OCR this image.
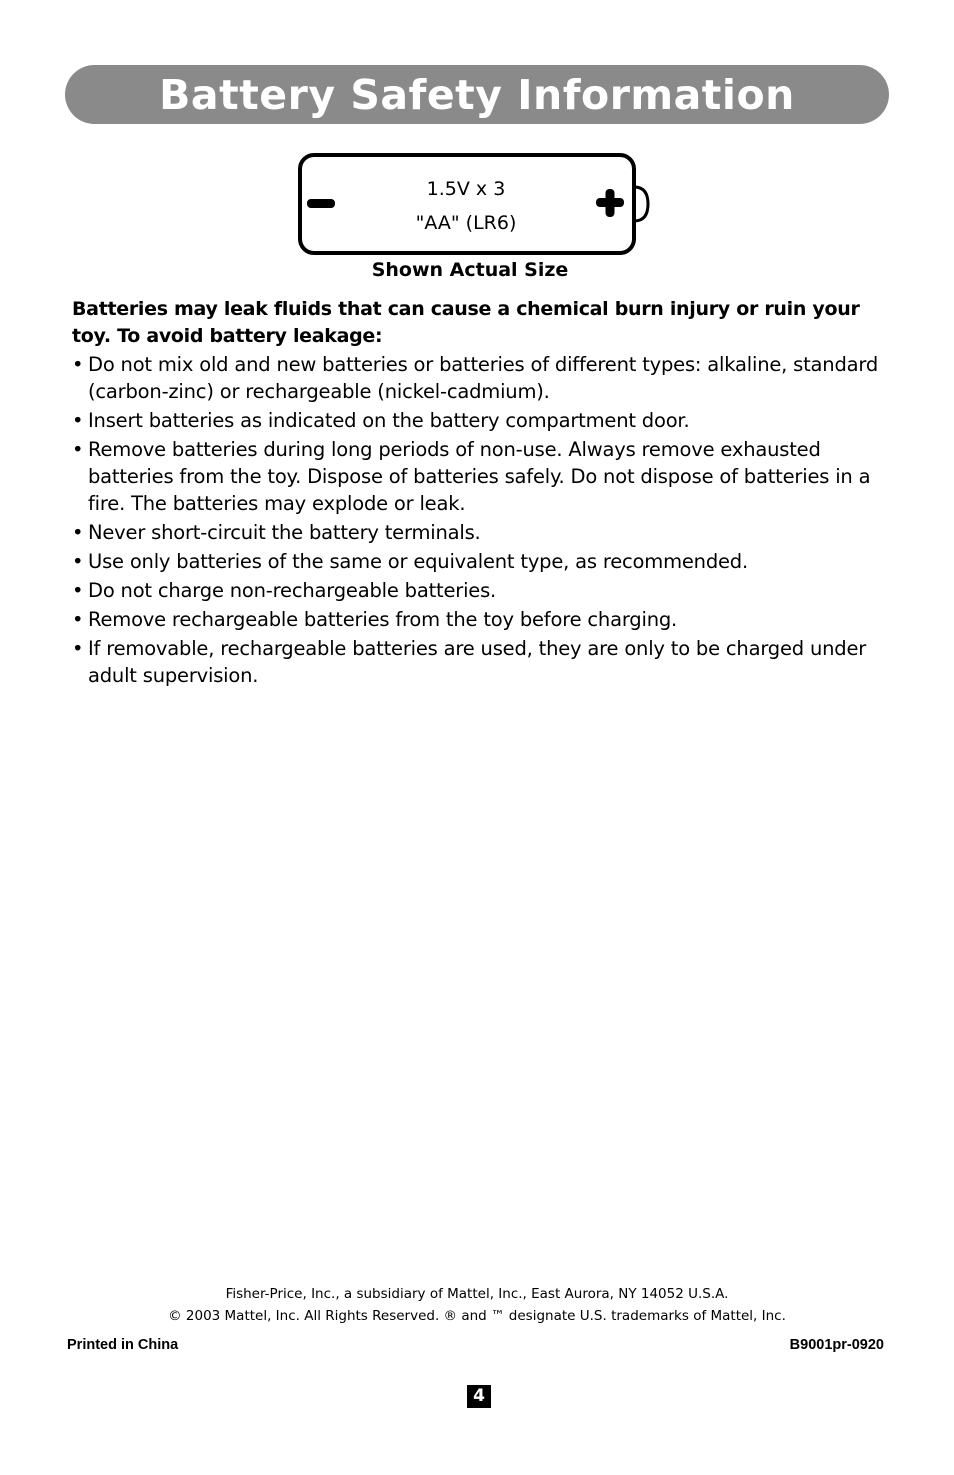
Battery Safety Information
1.5V x 3
"AA" (LR6)
Shown Actual Size
Batteries may leak fluids that can cause a chemical burn injury or ruin your toy. To avoid battery leakage:
• Do not mix old and new batteries or batteries of different types: alkaline, standard (carbon-zinc) or rechargeable (nickel-cadmium).
• Insert batteries as indicated on the battery compartment door.
• Remove batteries during long periods of non-use. Always remove exhausted batteries from the toy. Dispose of batteries safely. Do not dispose of batteries in a fire. The batteries may explode or leak.
• Never short-circuit the battery terminals.
• Use only batteries of the same or equivalent type, as recommended.
• Do not charge non-rechargeable batteries.
• Remove rechargeable batteries from the toy before charging.
• If removable, rechargeable batteries are used, they are only to be charged under adult supervision.
Fisher-Price, Inc., a subsidiary of Mattel, Inc., East Aurora, NY 14052 U.S.A.
© 2003 Mattel, Inc. All Rights Reserved. ® and ™ designate U.S. trademarks of Mattel, Inc.
Printed in China	B9001pr-0920
4
